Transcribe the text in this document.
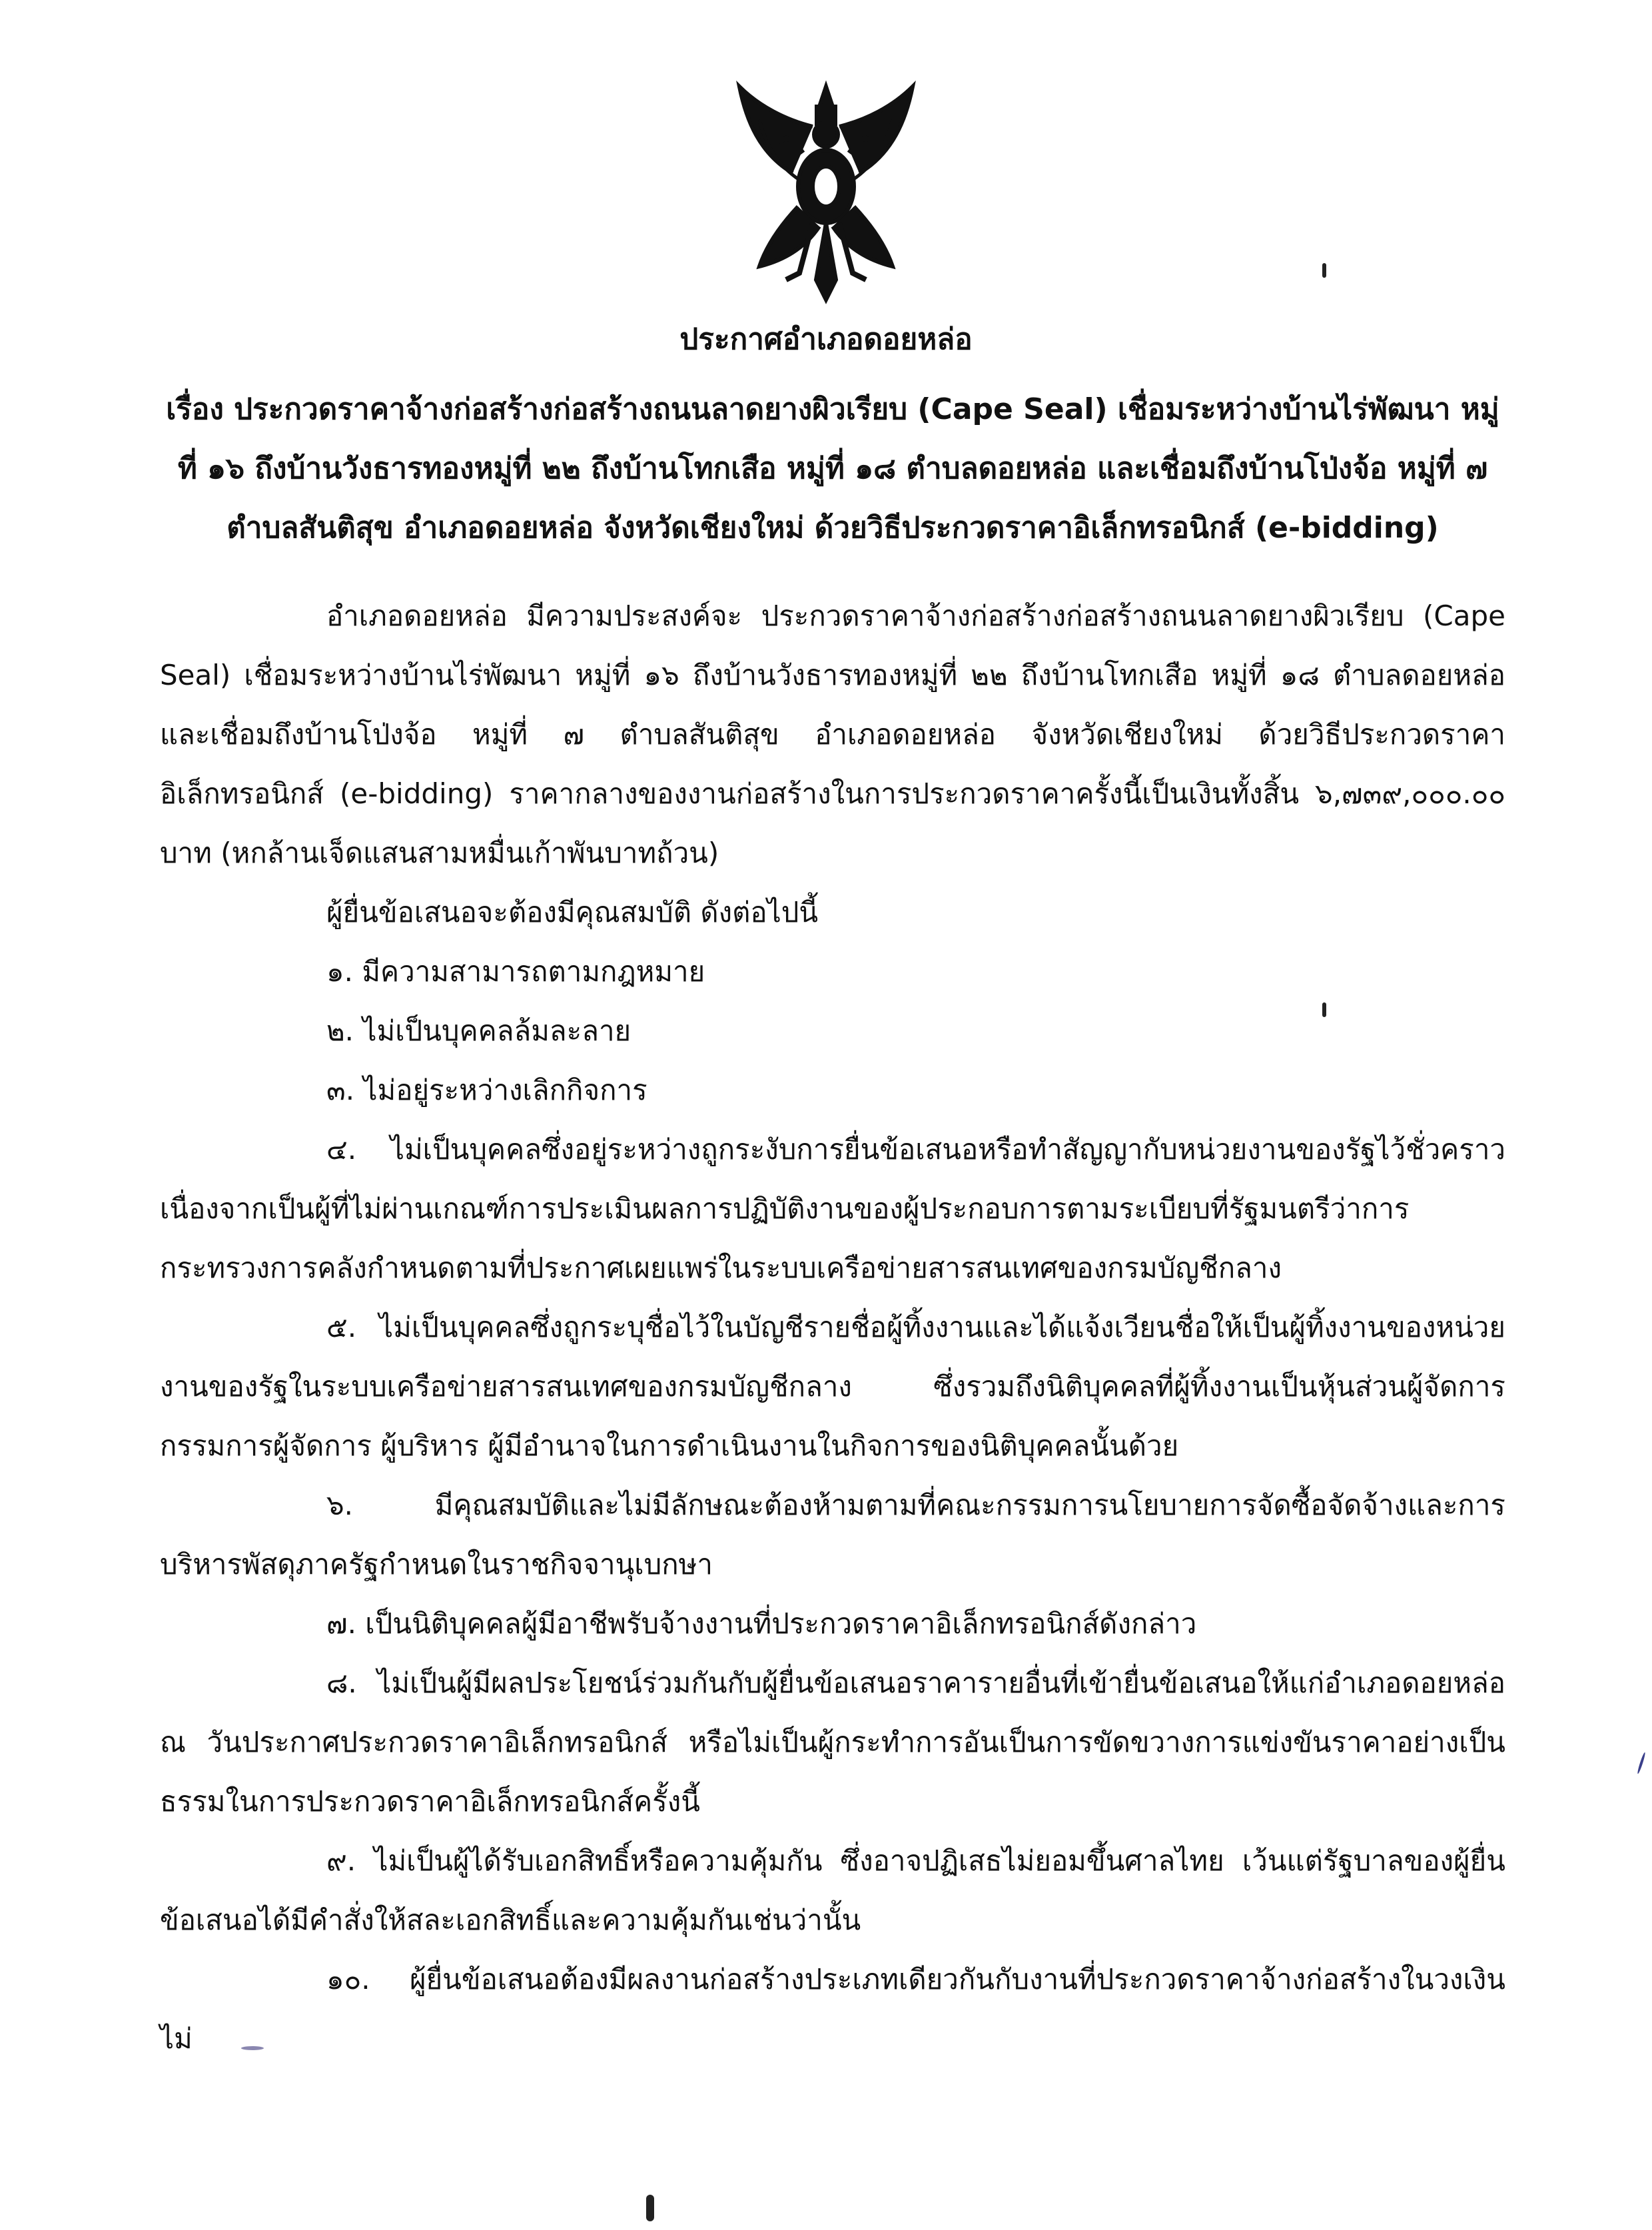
ประกาศอำเภอดอยหล่อ
เรื่อง ประกวดราคาจ้างก่อสร้างก่อสร้างถนนลาดยางผิวเรียบ (Cape Seal) เชื่อมระหว่างบ้านไร่พัฒนา หมู่ที่ ๑๖ ถึงบ้านวังธารทองหมู่ที่ ๒๒ ถึงบ้านโทกเสือ หมู่ที่ ๑๘ ตำบลดอยหล่อ และเชื่อมถึงบ้านโป่งจ้อ หมู่ที่ ๗ ตำบลสันติสุข อำเภอดอยหล่อ จังหวัดเชียงใหม่ ด้วยวิธีประกวดราคาอิเล็กทรอนิกส์ (e-bidding)

อำเภอดอยหล่อ มีความประสงค์จะ ประกวดราคาจ้างก่อสร้างก่อสร้างถนนลาดยางผิวเรียบ (Cape Seal) เชื่อมระหว่างบ้านไร่พัฒนา หมู่ที่ ๑๖ ถึงบ้านวังธารทองหมู่ที่ ๒๒ ถึงบ้านโทกเสือ หมู่ที่ ๑๘ ตำบลดอยหล่อ และเชื่อมถึงบ้านโป่งจ้อ หมู่ที่ ๗ ตำบลสันติสุข อำเภอดอยหล่อ จังหวัดเชียงใหม่ ด้วยวิธีประกวดราคาอิเล็กทรอนิกส์ (e-bidding) ราคากลางของงานก่อสร้างในการประกวดราคาครั้งนี้เป็นเงินทั้งสิ้น ๖,๗๓๙,๐๐๐.๐๐ บาท (หกล้านเจ็ดแสนสามหมื่นเก้าพันบาทถ้วน)

ผู้ยื่นข้อเสนอจะต้องมีคุณสมบัติ ดังต่อไปนี้

๑. มีความสามารถตามกฎหมาย

๒. ไม่เป็นบุคคลล้มละลาย

๓. ไม่อยู่ระหว่างเลิกกิจการ

๔. ไม่เป็นบุคคลซึ่งอยู่ระหว่างถูกระงับการยื่นข้อเสนอหรือทำสัญญากับหน่วยงานของรัฐไว้ชั่วคราว เนื่องจากเป็นผู้ที่ไม่ผ่านเกณฑ์การประเมินผลการปฏิบัติงานของผู้ประกอบการตามระเบียบที่รัฐมนตรีว่าการกระทรวงการคลังกำหนดตามที่ประกาศเผยแพร่ในระบบเครือข่ายสารสนเทศของกรมบัญชีกลาง

๕. ไม่เป็นบุคคลซึ่งถูกระบุชื่อไว้ในบัญชีรายชื่อผู้ทิ้งงานและได้แจ้งเวียนชื่อให้เป็นผู้ทิ้งงานของหน่วยงานของรัฐในระบบเครือข่ายสารสนเทศของกรมบัญชีกลาง ซึ่งรวมถึงนิติบุคคลที่ผู้ทิ้งงานเป็นหุ้นส่วนผู้จัดการ กรรมการผู้จัดการ ผู้บริหาร ผู้มีอำนาจในการดำเนินงานในกิจการของนิติบุคคลนั้นด้วย

๖. มีคุณสมบัติและไม่มีลักษณะต้องห้ามตามที่คณะกรรมการนโยบายการจัดซื้อจัดจ้างและการบริหารพัสดุภาครัฐกำหนดในราชกิจจานุเบกษา

๗. เป็นนิติบุคคลผู้มีอาชีพรับจ้างงานที่ประกวดราคาอิเล็กทรอนิกส์ดังกล่าว

๘. ไม่เป็นผู้มีผลประโยชน์ร่วมกันกับผู้ยื่นข้อเสนอราคารายอื่นที่เข้ายื่นข้อเสนอให้แก่อำเภอดอยหล่อ ณ วันประกาศประกวดราคาอิเล็กทรอนิกส์ หรือไม่เป็นผู้กระทำการอันเป็นการขัดขวางการแข่งขันราคาอย่างเป็นธรรมในการประกวดราคาอิเล็กทรอนิกส์ครั้งนี้

๙. ไม่เป็นผู้ได้รับเอกสิทธิ์หรือความคุ้มกัน ซึ่งอาจปฏิเสธไม่ยอมขึ้นศาลไทย เว้นแต่รัฐบาลของผู้ยื่นข้อเสนอได้มีคำสั่งให้สละเอกสิทธิ์และความคุ้มกันเช่นว่านั้น

๑๐. ผู้ยื่นข้อเสนอต้องมีผลงานก่อสร้างประเภทเดียวกันกับงานที่ประกวดราคาจ้างก่อสร้างในวงเงินไม่
